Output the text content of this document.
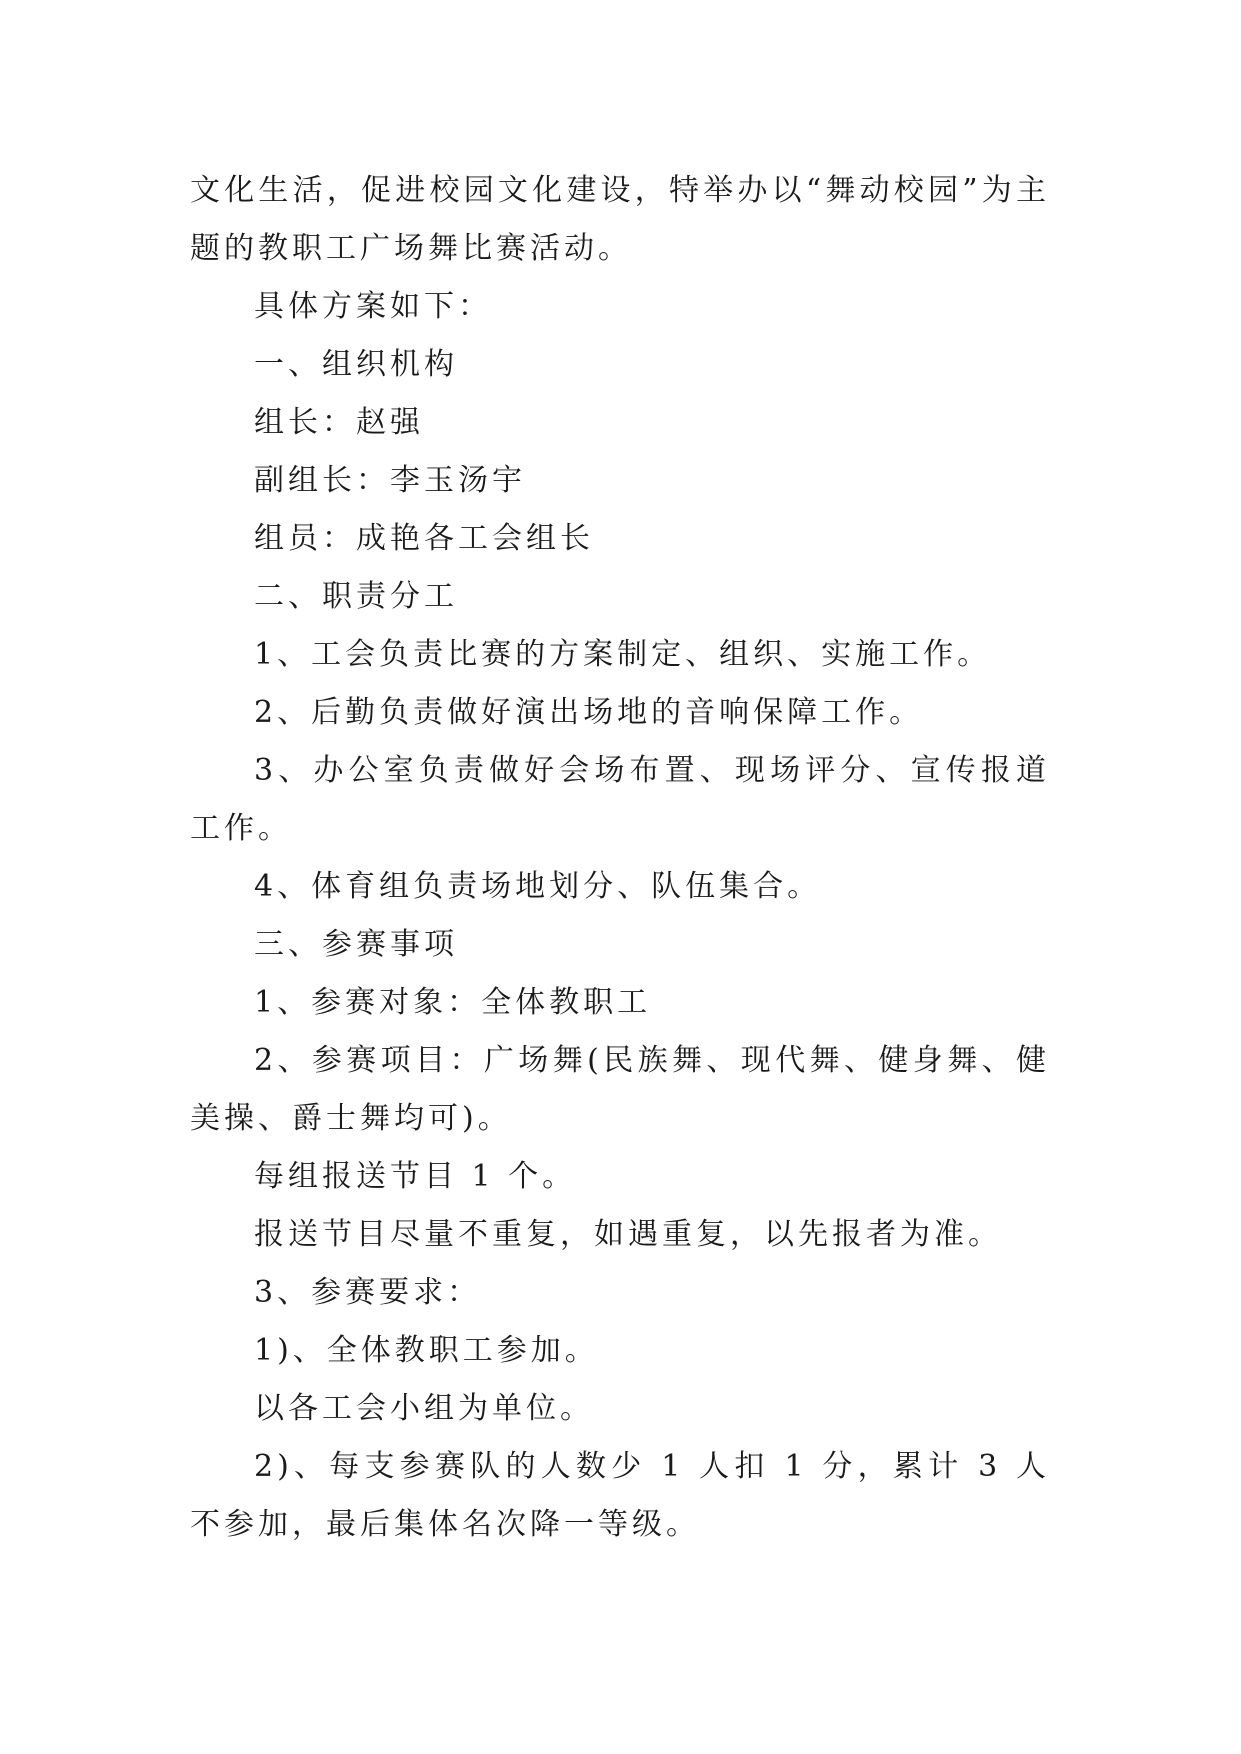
文化生活，促进校园文化建设，特举办以“舞动校园”为主题的教职工广场舞比赛活动。

具体方案如下：

一、组织机构

组长：赵强

副组长：李玉汤宇

组员：成艳各工会组长

二、职责分工

1、工会负责比赛的方案制定、组织、实施工作。

2、后勤负责做好演出场地的音响保障工作。

3、办公室负责做好会场布置、现场评分、宣传报道工作。

4、体育组负责场地划分、队伍集合。

三、参赛事项

1、参赛对象：全体教职工

2、参赛项目：广场舞(民族舞、现代舞、健身舞、健美操、爵士舞均可)。

每组报送节目 1 个。

报送节目尽量不重复，如遇重复，以先报者为准。

3、参赛要求：

1)、全体教职工参加。

以各工会小组为单位。

2)、每支参赛队的人数少 1 人扣 1 分，累计 3 人不参加，最后集体名次降一等级。
